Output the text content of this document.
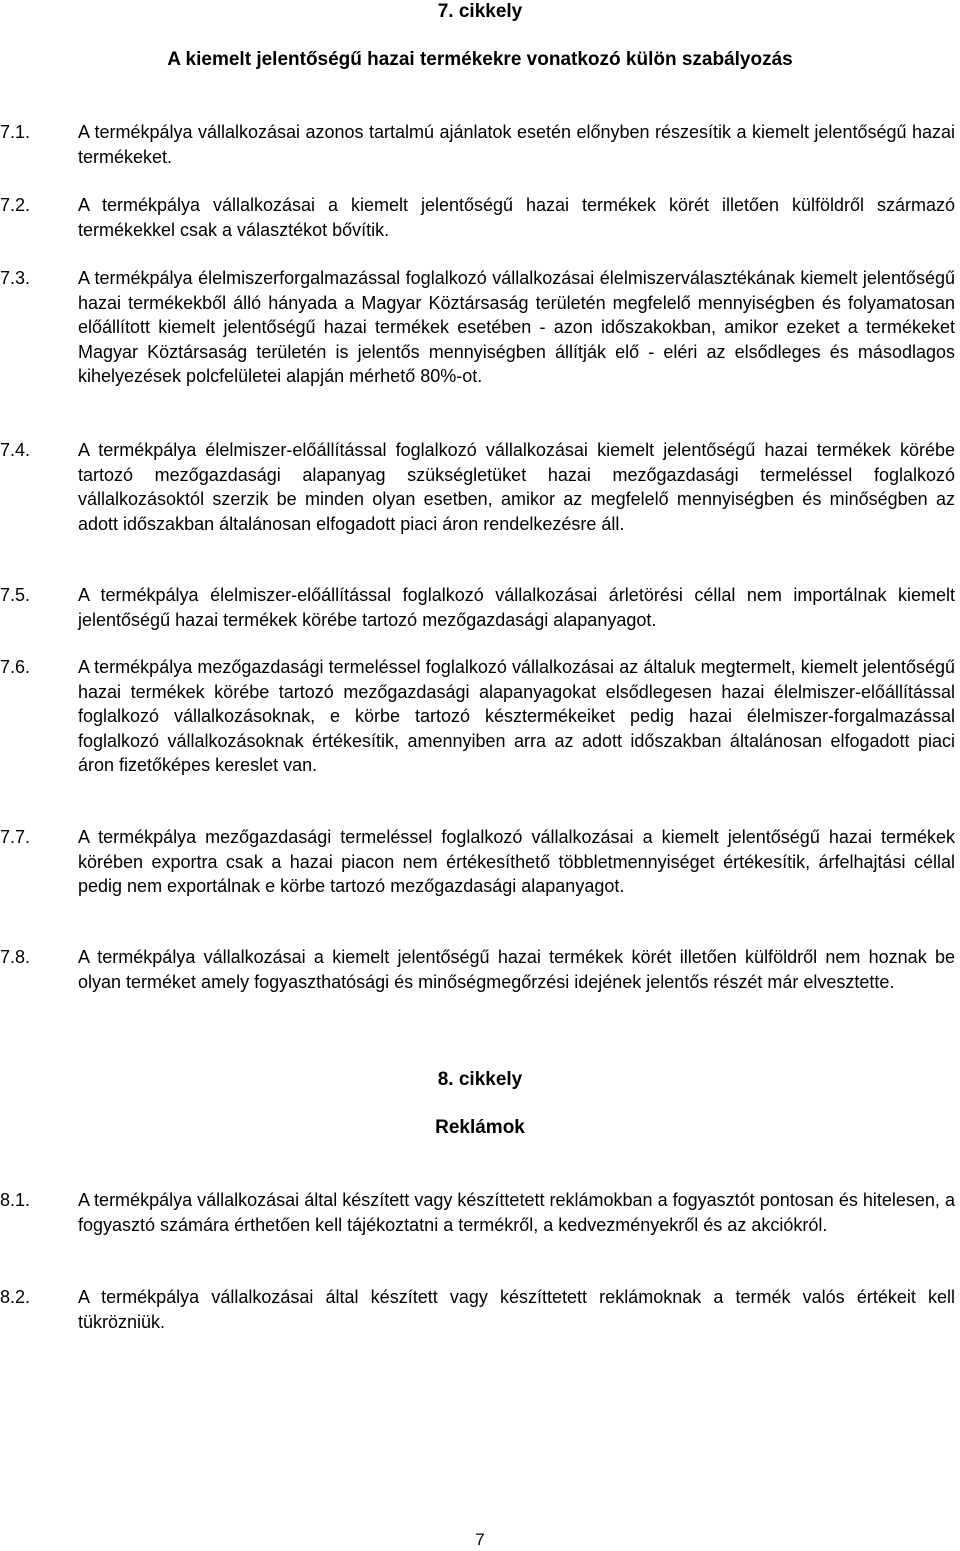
7. cikkely
A kiemelt jelentőségű hazai termékekre vonatkozó külön szabályozás
7.1.	A termékpálya vállalkozásai azonos tartalmú ajánlatok esetén előnyben részesítik a kiemelt jelentőségű hazai termékeket.
7.2.	A termékpálya vállalkozásai a kiemelt jelentőségű hazai termékek körét illetően külföldről származó termékekkel csak a választékot bővítik.
7.3.	A termékpálya élelmiszerforgalmazással foglalkozó vállalkozásai élelmiszerválasztékának kiemelt jelentőségű hazai termékekből álló hányada a Magyar Köztársaság területén megfelelő mennyiségben és folyamatosan előállított kiemelt jelentőségű hazai termékek esetében - azon időszakokban, amikor ezeket a termékeket Magyar Köztársaság területén is jelentős mennyiségben állítják elő - eléri az elsődleges és másodlagos kihelyezések polcfelületei alapján mérhető 80%-ot.
7.4.	A termékpálya élelmiszer-előállítással foglalkozó vállalkozásai kiemelt jelentőségű hazai termékek körébe tartozó mezőgazdasági alapanyag szükségletüket hazai mezőgazdasági termeléssel foglalkozó vállalkozásoktól szerzik be minden olyan esetben, amikor az megfelelő mennyiségben és minőségben az adott időszakban általánosan elfogadott piaci áron rendelkezésre áll.
7.5.	A termékpálya élelmiszer-előállítással foglalkozó vállalkozásai árletörési céllal nem importálnak kiemelt jelentőségű hazai termékek körébe tartozó mezőgazdasági alapanyagot.
7.6.	A termékpálya mezőgazdasági termeléssel foglalkozó vállalkozásai az általuk megtermelt, kiemelt jelentőségű hazai termékek körébe tartozó mezőgazdasági alapanyagokat elsődlegesen hazai élelmiszer-előállítással foglalkozó vállalkozásoknak, e körbe tartozó késztermékeiket pedig hazai élelmiszer-forgalmazással foglalkozó vállalkozásoknak értékesítik, amennyiben arra az adott időszakban általánosan elfogadott piaci áron fizetőképes kereslet van.
7.7.	A termékpálya mezőgazdasági termeléssel foglalkozó vállalkozásai a kiemelt jelentőségű hazai termékek körében exportra csak a hazai piacon nem értékesíthető többletmennyiséget értékesítik, árfelhajtási céllal pedig nem exportálnak e körbe tartozó mezőgazdasági alapanyagot.
7.8.	A termékpálya vállalkozásai a kiemelt jelentőségű hazai termékek körét illetően külföldről nem hoznak be olyan terméket amely fogyaszthatósági és minőségmegőrzési idejének jelentős részét már elvesztette.
8. cikkely
Reklámok
8.1.	A termékpálya vállalkozásai által készített vagy készíttetett reklámokban a fogyasztót pontosan és hitelesen, a fogyasztó számára érthetően kell tájékoztatni a termékről, a kedvezményekről és az akciókról.
8.2.	A termékpálya vállalkozásai által készített vagy készíttetett reklámoknak a termék valós értékeit kell tükrözniük.
7
